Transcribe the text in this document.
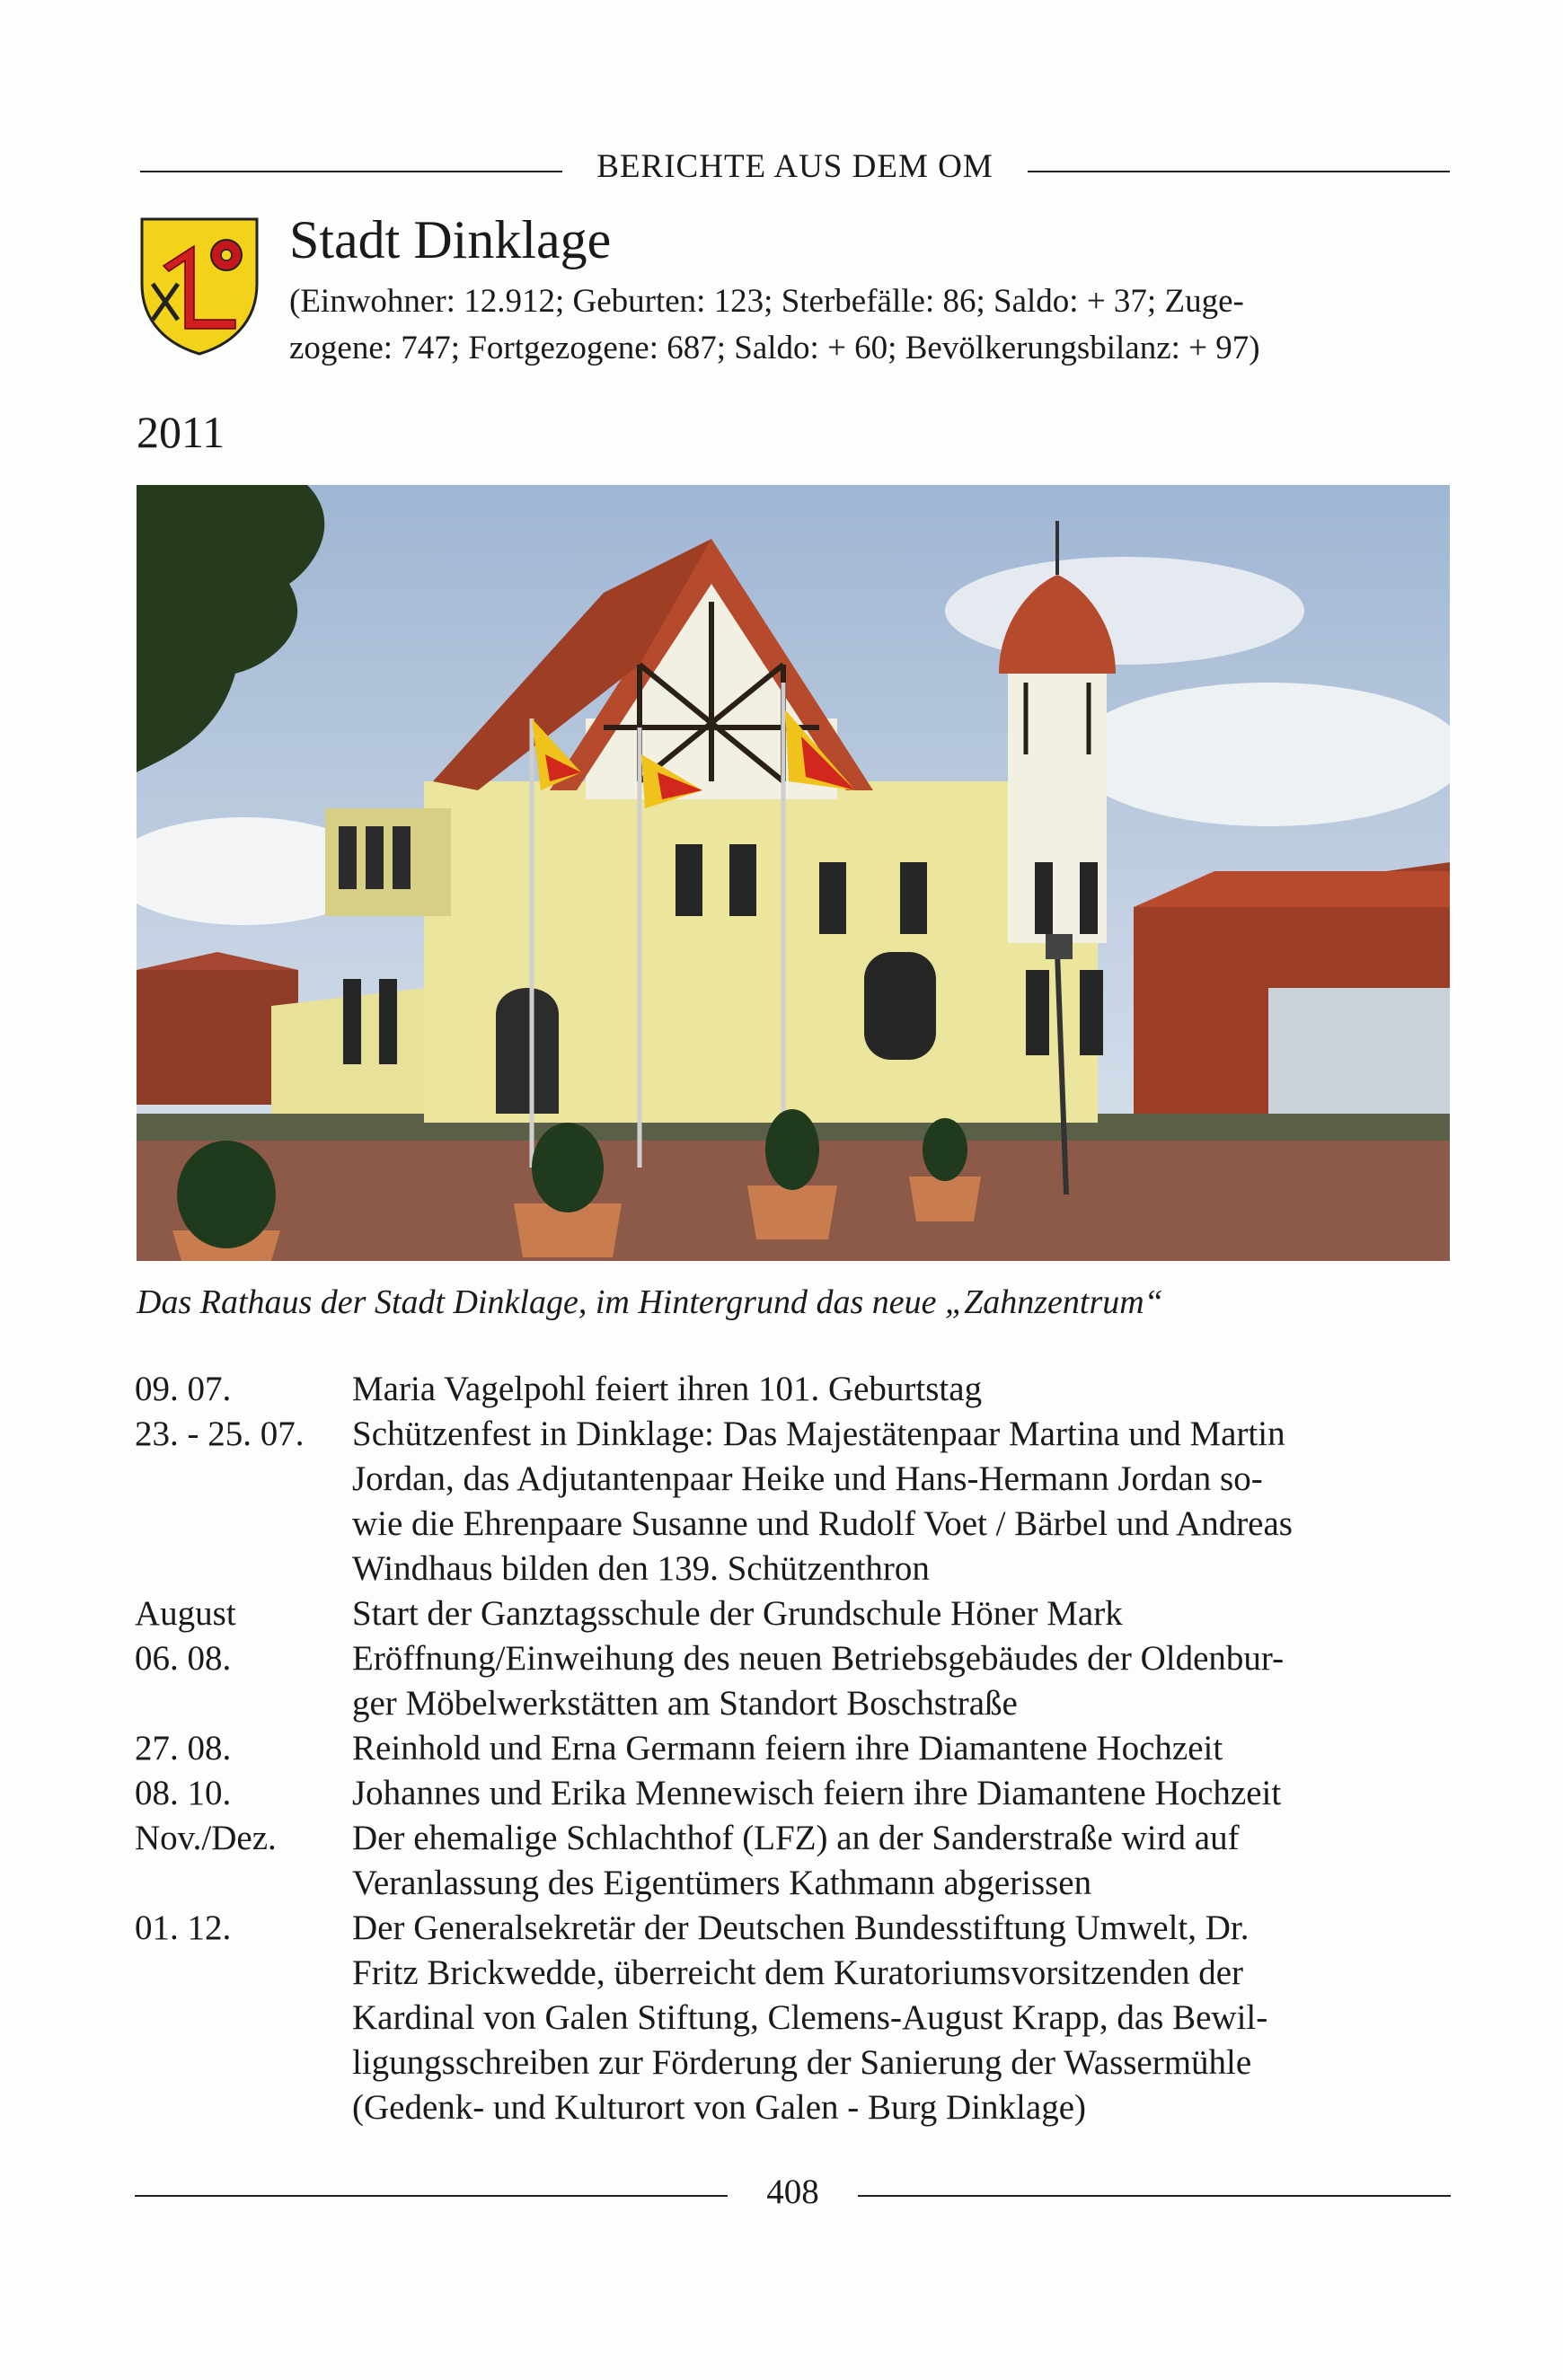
BERICHTE AUS DEM OM
Stadt Dinklage
(Einwohner: 12.912; Geburten: 123; Sterbefälle: 86; Saldo: + 37; Zuge-
zogene: 747; Fortgezogene: 687; Saldo: + 60; Bevölkerungsbilanz: + 97)
2011
Das Rathaus der Stadt Dinklage, im Hintergrund das neue „Zahnzentrum“
09. 07.	Maria Vagelpohl feiert ihren 101. Geburtstag
23. - 25. 07.	Schützenfest in Dinklage: Das Majestätenpaar Martina und Martin
Jordan, das Adjutantenpaar Heike und Hans-Hermann Jordan so-
wie die Ehrenpaare Susanne und Rudolf Voet / Bärbel und Andreas
Windhaus bilden den 139. Schützenthron
August	Start der Ganztagsschule der Grundschule Höner Mark
06. 08.	Eröffnung/Einweihung des neuen Betriebsgebäudes der Oldenbur-
ger Möbelwerkstätten am Standort Boschstraße
27. 08.	Reinhold und Erna Germann feiern ihre Diamantene Hochzeit
08. 10.	Johannes und Erika Mennewisch feiern ihre Diamantene Hochzeit
Nov./Dez.	Der ehemalige Schlachthof (LFZ) an der Sanderstraße wird auf
Veranlassung des Eigentümers Kathmann abgerissen
01. 12.	Der Generalsekretär der Deutschen Bundesstiftung Umwelt, Dr.
Fritz Brickwedde, überreicht dem Kuratoriumsvorsitzenden der
Kardinal von Galen Stiftung, Clemens-August Krapp, das Bewil-
ligungsschreiben zur Förderung der Sanierung der Wassermühle
(Gedenk- und Kulturort von Galen - Burg Dinklage)
408
